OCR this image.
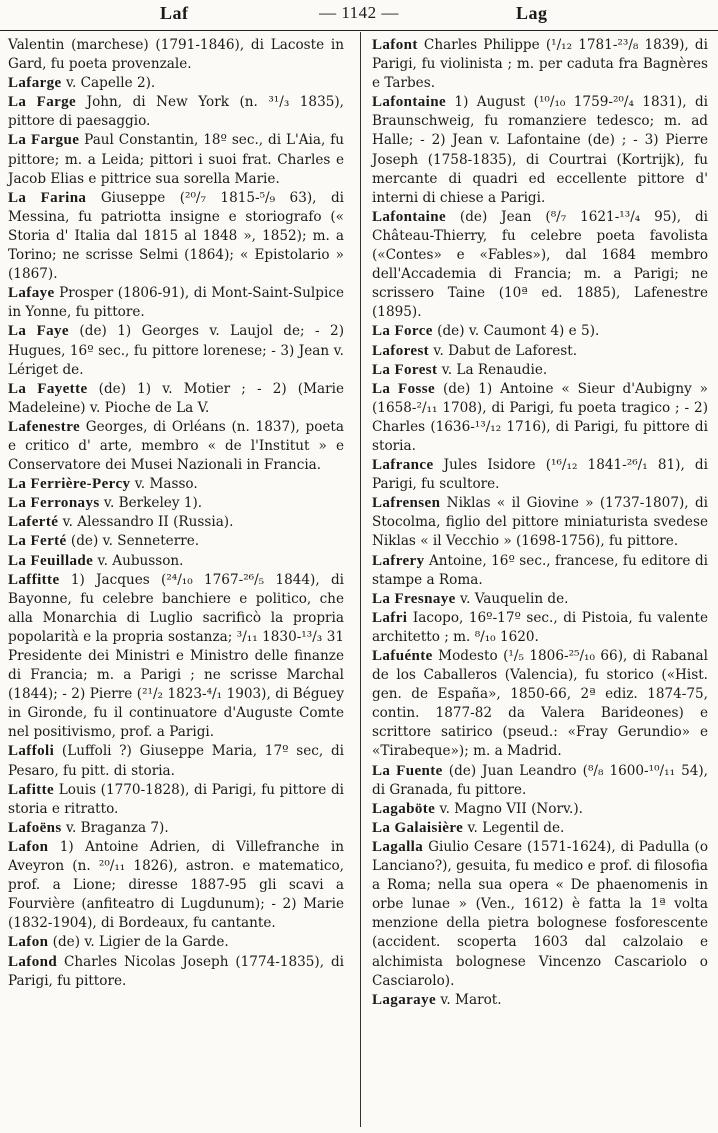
Laf	— 1142 —	Lag

Valentin (marchese) (1791-1846), di Lacoste in Gard, fu poeta provenzale.

Lafarge v. Capelle 2).

La Farge John, di New York (n. ³¹/₃ 1835), pittore di paesaggio.

La Fargue Paul Constantin, 18º sec., di L'Aia, fu pittore; m. a Leida; pittori i suoi frat. Charles e Jacob Elias e pittrice sua sorella Marie.

La Farina Giuseppe (²⁰/₇ 1815-⁵/₉ 63), di Messina, fu patriotta insigne e storiografo (« Storia d' Italia dal 1815 al 1848 », 1852); m. a Torino; ne scrisse Selmi (1864); « Epistolario » (1867).

Lafaye Prosper (1806-91), di Mont-Saint-Sulpice in Yonne, fu pittore.

La Faye (de) 1) Georges v. Laujol de; - 2) Hugues, 16º sec., fu pittore lorenese; - 3) Jean v. Lériget de.

La Fayette (de) 1) v. Motier ; - 2) (Marie Madeleine) v. Pioche de La V.

Lafenestre Georges, di Orléans (n. 1837), poeta e critico d' arte, membro « de l'Institut » e Conservatore dei Musei Nazionali in Francia.

La Ferrière-Percy v. Masso.

La Ferronays v. Berkeley 1).

Laferté v. Alessandro II (Russia).

La Ferté (de) v. Senneterre.

La Feuillade v. Aubusson.

Laffitte 1) Jacques (²⁴/₁₀ 1767-²⁶/₅ 1844), di Bayonne, fu celebre banchiere e politico, che alla Monarchia di Luglio sacrificò la propria popolarità e la propria sostanza; ³/₁₁ 1830-¹³/₃ 31 Presidente dei Ministri e Ministro delle finanze di Francia; m. a Parigi ; ne scrisse Marchal (1844); - 2) Pierre (²¹/₂ 1823-⁴/₁ 1903), di Béguey in Gironde, fu il continuatore d'Auguste Comte nel positivismo, prof. a Parigi.

Laffoli (Luffoli ?) Giuseppe Maria, 17º sec, di Pesaro, fu pitt. di storia.

Lafitte Louis (1770-1828), di Parigi, fu pittore di storia e ritratto.

Lafoëns v. Braganza 7).

Lafon 1) Antoine Adrien, di Villefranche in Aveyron (n. ²⁰/₁₁ 1826), astron. e matematico, prof. a Lione; diresse 1887-95 gli scavi a Fourvière (anfiteatro di Lugdunum); - 2) Marie (1832-1904), di Bordeaux, fu cantante.

Lafon (de) v. Ligier de la Garde.

Lafond Charles Nicolas Joseph (1774-1835), di Parigi, fu pittore.

Lafont Charles Philippe (¹/₁₂ 1781-²³/₈ 1839), di Parigi, fu violinista ; m. per caduta fra Bagnères e Tarbes.

Lafontaine 1) August (¹⁰/₁₀ 1759-²⁰/₄ 1831), di Braunschweig, fu romanziere tedesco; m. ad Halle; - 2) Jean v. Lafontaine (de) ; - 3) Pierre Joseph (1758-1835), di Courtrai (Kortrijk), fu mercante di quadri ed eccellente pittore d' interni di chiese a Parigi.

Lafontaine (de) Jean (⁸/₇ 1621-¹³/₄ 95), di Château-Thierry, fu celebre poeta favolista («Contes» e «Fables»), dal 1684 membro dell'Accademia di Francia; m. a Parigi; ne scrissero Taine (10ª ed. 1885), Lafenestre (1895).

La Force (de) v. Caumont 4) e 5).

Laforest v. Dabut de Laforest.

La Forest v. La Renaudie.

La Fosse (de) 1) Antoine « Sieur d'Aubigny » (1658-²/₁₁ 1708), di Parigi, fu poeta tragico ; - 2) Charles (1636-¹³/₁₂ 1716), di Parigi, fu pittore di storia.

Lafrance Jules Isidore (¹⁶/₁₂ 1841-²⁶/₁ 81), di Parigi, fu scultore.

Lafrensen Niklas « il Giovine » (1737-1807), di Stocolma, figlio del pittore miniaturista svedese Niklas « il Vecchio » (1698-1756), fu pittore.

Lafrery Antoine, 16º sec., francese, fu editore di stampe a Roma.

La Fresnaye v. Vauquelin de.

Lafri Iacopo, 16º-17º sec., di Pistoia, fu valente architetto ; m. ⁸/₁₀ 1620.

Lafuénte Modesto (¹/₅ 1806-²⁵/₁₀ 66), di Rabanal de los Caballeros (Valencia), fu storico («Hist. gen. de España», 1850-66, 2ª ediz. 1874-75, contin. 1877-82 da Valera Barideones) e scrittore satirico (pseud.: «Fray Gerundio» e «Tirabeque»); m. a Madrid.

La Fuente (de) Juan Leandro (⁸/₈ 1600-¹⁰/₁₁ 54), di Granada, fu pittore.

Lagaböte v. Magno VII (Norv.).

La Galaisière v. Legentil de.

Lagalla Giulio Cesare (1571-1624), di Padulla (o Lanciano?), gesuita, fu medico e prof. di filosofia a Roma; nella sua opera « De phaenomenis in orbe lunae » (Ven., 1612) è fatta la 1ª volta menzione della pietra bolognese fosforescente (accident. scoperta 1603 dal calzolaio e alchimista bolognese Vincenzo Cascariolo o Casciarolo).

Lagaraye v. Marot.
